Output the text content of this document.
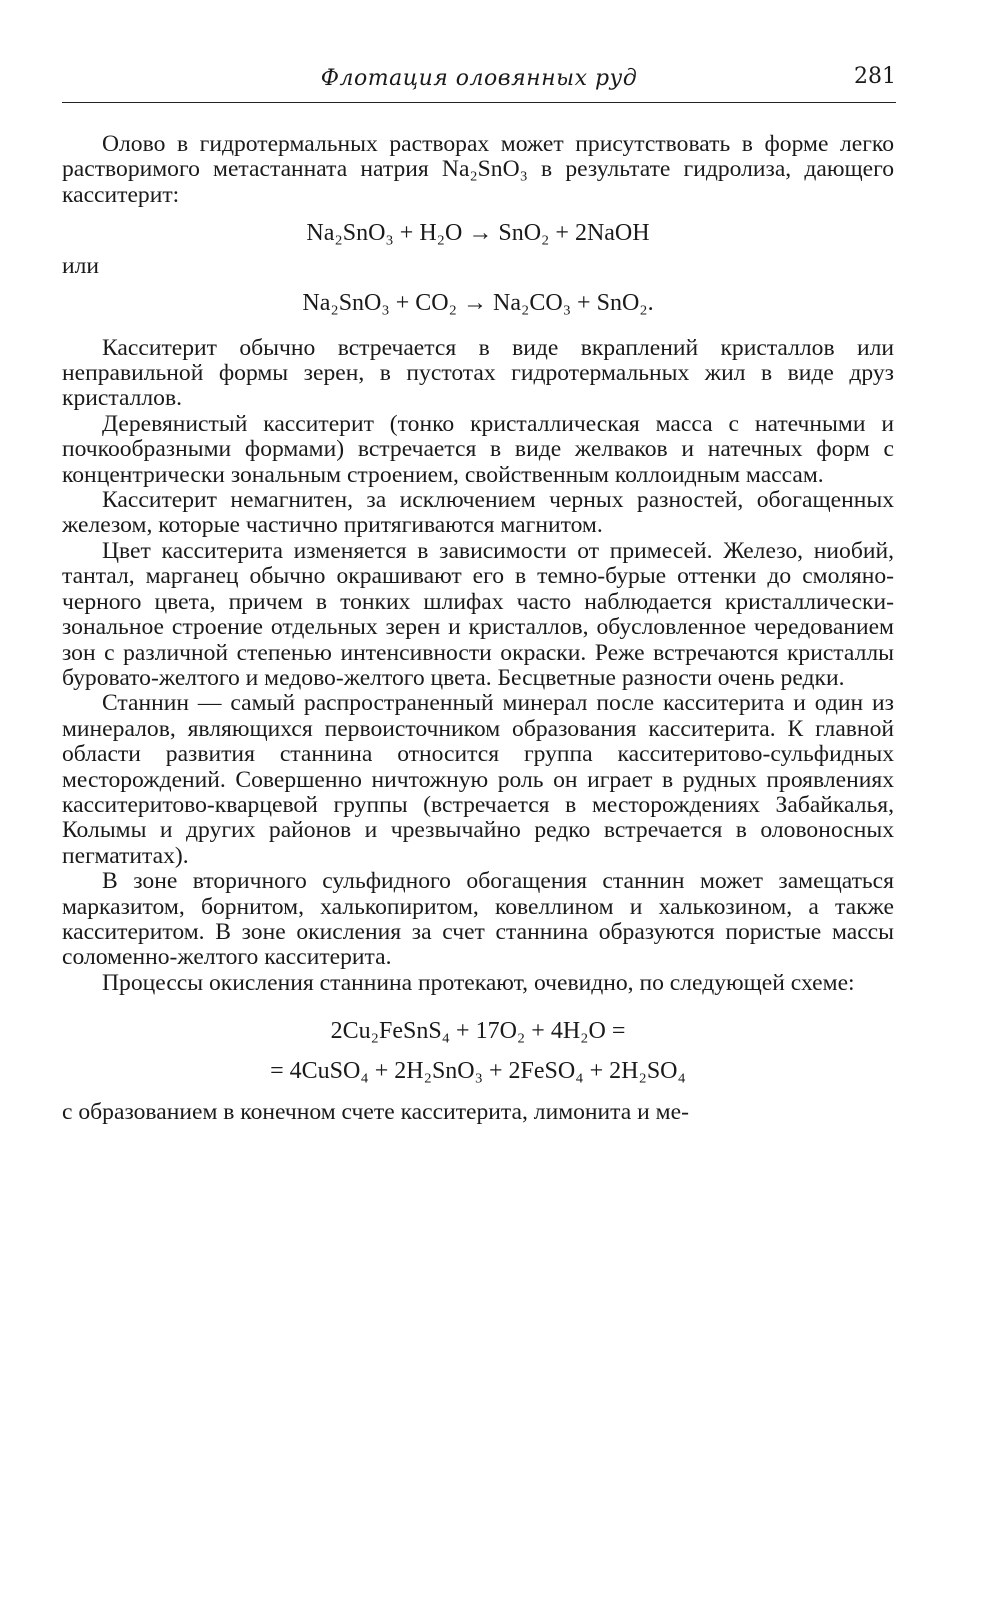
Флотация оловянных руд	281

Олово в гидротермальных растворах может присутствовать в форме легко растворимого метастанната натрия Na₂SnO₃ в результате гидролиза, дающего касситерит:

Na₂SnO₃ + H₂O → SnO₂ + 2NaOH

или

Na₂SnO₃ + CO₂ → Na₂CO₃ + SnO₂.

Касситерит обычно встречается в виде вкраплений кристаллов или неправильной формы зерен, в пустотах гидротермальных жил в виде друз кристаллов.

Деревянистый касситерит (тонко кристаллическая масса с натечными и почкообразными формами) встречается в виде желваков и натечных форм с концентрически зональным строением, свойственным коллоидным массам.

Касситерит немагнитен, за исключением черных разностей, обогащенных железом, которые частично притягиваются магнитом.

Цвет касситерита изменяется в зависимости от примесей. Железо, ниобий, тантал, марганец обычно окрашивают его в темно-бурые оттенки до смоляно-черного цвета, причем в тонких шлифах часто наблюдается кристаллически-зональное строение отдельных зерен и кристаллов, обусловленное чередованием зон с различной степенью интенсивности окраски. Реже встречаются кристаллы буровато-желтого и медово-желтого цвета. Бесцветные разности очень редки.

Станнин — самый распространенный минерал после касситерита и один из минералов, являющихся первоисточником образования касситерита. К главной области развития станнина относится группа касситеритово-сульфидных месторождений. Совершенно ничтожную роль он играет в рудных проявлениях касситеритово-кварцевой группы (встречается в месторождениях Забайкалья, Колымы и других районов и чрезвычайно редко встречается в оловоносных пегматитах).

В зоне вторичного сульфидного обогащения станнин может замещаться марказитом, борнитом, халькопиритом, ковеллином и халькозином, а также касситеритом. В зоне окисления за счет станнина образуются пористые массы соломенно-желтого касситерита.

Процессы окисления станнина протекают, очевидно, по следующей схеме:

2Cu₂FeSnS₄ + 17O₂ + 4H₂O =

= 4CuSO₄ + 2H₂SnO₃ + 2FeSO₄ + 2H₂SO₄

с образованием в конечном счете касситерита, лимонита и ме-
